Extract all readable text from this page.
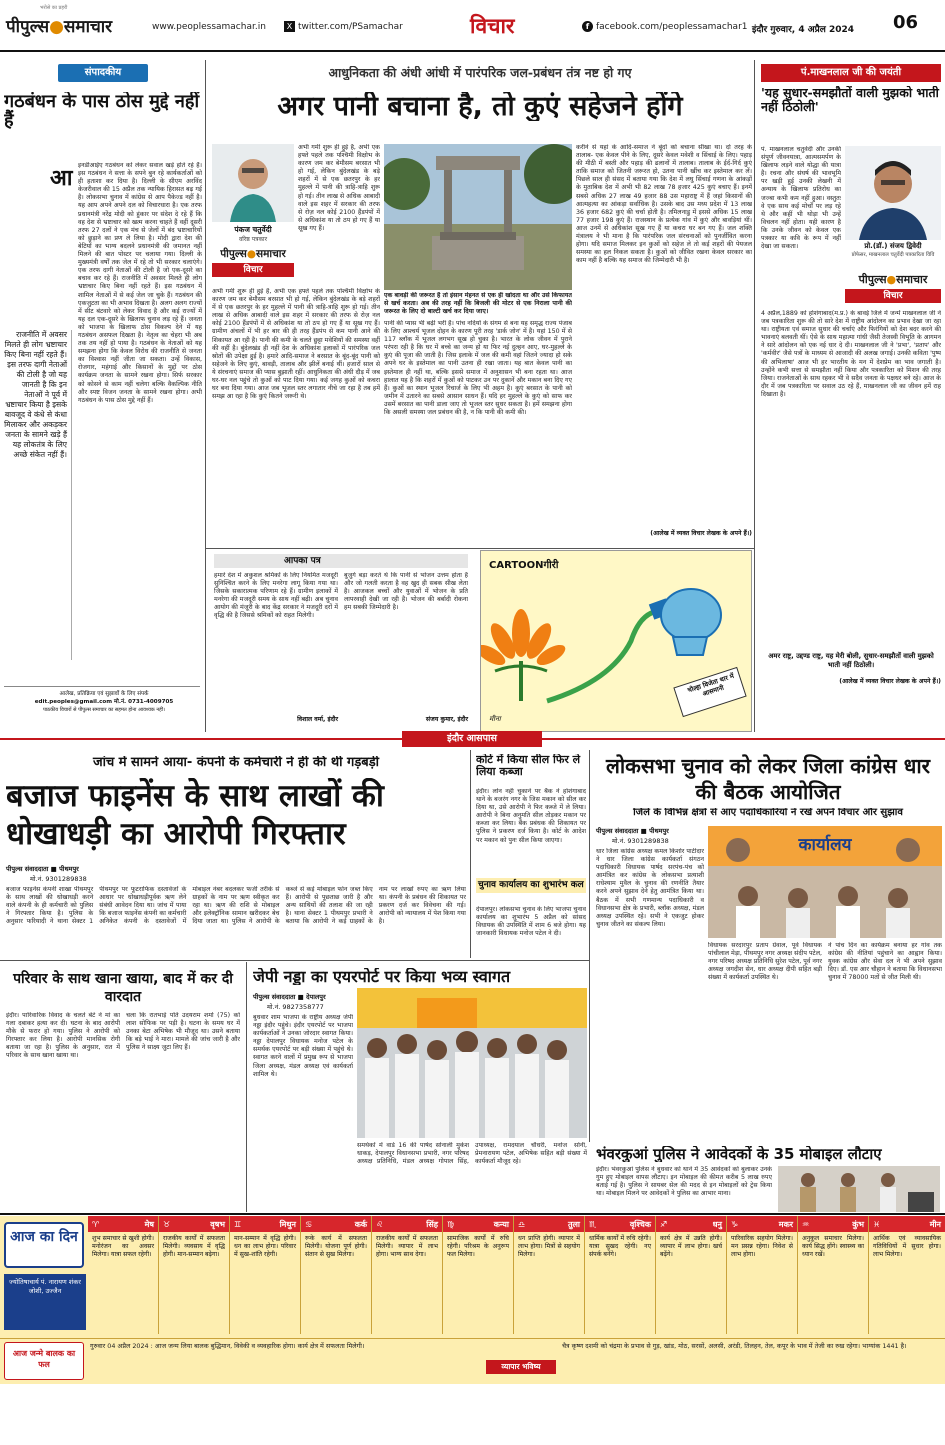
पीपुल्स●समाचार
भरोसे का प्रहरी
www.peoplessamachar.in	X twitter.com/PSamachar	विचार	f facebook.com/peoplessamachar1 इंदौर गुरुवार, 4 अप्रैल 2024 06
संपादकीय
गठबंधन के पास ठोस मुद्दे नहीं हैं
आ
इनडीआईए गठबंधन को लेकर सवाल खड़े होते रहे हैं। इस गठबंधन ने सत्ता के सपने बुन रहे कार्यकर्ताओं को ही हताशा कर दिया है। दिल्ली के सीएम अरविंद केजरीवाल की 15 अप्रैल तक न्यायिक हिरासत बढ़ गई है। लोकसभा चुनाव में कांग्रेस से आप पैकेज्ड नहीं है। यह आप अपने अपने दल को विचारधारा है। एक तरफ प्रधानमंत्री नरेंद्र मोदी को हुंकार पर संदेश दे रहे हैं कि वह देश से भ्रष्टाचार को खत्म करना चाहते हैं वहीं दूसरी तरफ 27 दलों ने एक मंच से जेलों में बंद भ्रष्टाचारियों को छुड़ाने का प्रण ले लिया है। मोदी द्वारा देश की बेटियों का भाग्य बदलने प्रधानमंत्री की जमानत नहीं मिलने की बात पोस्टर पर चलाया गया। दिल्ली के मुख्यमंत्री वर्षों तक जेल में रहे तो भी सरकार चलाएंगे। एक तरफ दागी नेताओं की टोली है जो एक-दूसरे का बचाव कर रहे हैं। राजनीति में अवसर मिलते ही लोग भ्रष्टाचार किए बिना नहीं रहते हैं। इस गठबंधन में शामिल नेताओं में से कई जेल जा चुके हैं। गठबंधन की एकजुटता का भी अभाव दिखता है। अलग अलग राज्यों में सीट बंटवारे को लेकर विवाद है और कई राज्यों में यह दल एक-दूसरे के खिलाफ चुनाव लड़ रहे हैं। जनता को भाजपा के खिलाफ ठोस विकल्प देने में यह गठबंधन असफल दिखता है। नेतृत्व का चेहरा भी अब तक तय नहीं हो पाया है। गठबंधन के नेताओं को यह समझना होगा कि केवल विरोध की राजनीति से जनता का विश्वास नहीं जीता जा सकता। उन्हें विकास, रोजगार, महंगाई और किसानों के मुद्दों पर ठोस कार्यक्रम जनता के सामने रखना होगा। सिर्फ सरकार को कोसने से काम नहीं चलेगा बल्कि वैकल्पिक नीति और स्पष्ट विजन जनता के सामने रखना होगा। अभी गठबंधन के पास ठोस मुद्दे नहीं हैं।
राजनीति में अवसर मिलते ही लोग भ्रष्टाचार किए बिना नहीं रहते हैं। इस तरफ दागी नेताओं की टोली है जो यह जानती है कि इन नेताओं ने पूर्व में भ्रष्टाचार किया है इसके बावजूद वे कंधे से कंधा मिलाकर और अकड़कर जनता के सामने खड़े हैं यह लोकतंत्र के लिए अच्छे संकेत नहीं हैं।
आलेख, प्रतिक्रिया एवं सुझावों के लिए संपर्क
edit.peoples@gmail.com मो.नं. 0731-4009705
पाठकीय विचारों से पीपुल्स समाचार का सहमत होना आवश्यक नहीं।
आधुनिकता की अंधी आंधी में पारंपरिक जल-प्रबंधन तंत्र नष्ट हो गए
अगर पानी बचाना है, तो कुएं सहेजने होंगे
पंकज चतुर्वेदी
वरिष्ठ पत्रकार
पीपुल्स●समाचार
विचार
अभी गर्मी शुरू ही हुई है, अभी एक हफ्ते पहले तक पश्चिमी विक्षोभ के कारण जम कर बेमौसम बरसात भी हो गई, लेकिन बुंदेलखंड के बड़े शहरों में से एक छतरपुर के हर मुहल्ले में पानी की त्राहि-त्राहि शुरू हो गई। तीन लाख से अधिक आबादी वाले इस शहर में सरकार की तरफ से रोज़ नल कोई 2100 हैंडपंपों में से अधिकांश या तो ठप हो गए हैं या सूख गए हैं। ग्रामीण अंचलों में भी हर बार की ही तरह हैंडपंप से कम पानी आने की शिकायत आ रही है। पानी की कमी के चलते छुट्टा मवेशियों की समस्या वहीं की वहीं है। बुंदेलखंड ही नहीं देश के अधिकांश इलाकों में पारंपरिक जल स्रोतों की उपेक्षा हुई है। हमारे आदि-समाज ने बरसात के बूंद-बूंद पानी को सहेजने के लिए कुएं, बावड़ी, तालाब और झीलें बनाई थीं। हजारों साल से ये संरचनाएं समाज की प्यास बुझाती रहीं। आधुनिकता की अंधी दौड़ में जब घर-घर नल पहुंचे तो कुओं को पाट दिया गया। कई जगह कुओं को कचरा घर बना दिया गया। आज जब भूजल स्तर लगातार नीचे जा रहा है तब हमें समझ आ रहा है कि कुएं कितने जरूरी थे।
अभी गर्मी शुरू ही हुई है, अभी एक हफ्ते पहले तक पश्चिमी विक्षोभ के कारण जम कर बेमौसम बरसात भी हो गई, लेकिन बुंदेलखंड के बड़े शहरों में से एक छतरपुर के हर मुहल्ले में पानी की त्राहि-त्राहि शुरू हो गई। तीन लाख से अधिक आबादी वाले इस शहर में सरकार की तरफ से रोज़ नल कोई 2100 हैंडपंपों में से अधिकांश या तो ठप हो गए हैं या सूख गए हैं।
एक बावड़ी की जरूरत है तो इंसान मेहनत से एक ही खोदता था और उसे किफायत से खर्च करता। अब की तरह नहीं कि बिजली की मोटर से एक निराला पानी की जरूरत के लिए दो बाल्टी खर्च कर दिया जाए।
पानी की प्यास भी बढ़ी भरी है। पांच नदियों के संगम से बना यह समृद्ध राज्य पंजाब के लिए आश्चर्य भूजल दोहन के कारण पूरी तरह 'डार्क जोन' में है। यहां 150 में से 117 ब्लॉक में भूजल लगभग सूख हो चुका है। भारत के लोक जीवन में पुराने परंपरा रही है कि घर में बच्चे का जन्म हो या फिर नई दुल्हन आए, घर-मुहल्ले के कुएं की पूजा की जाती है। जिस इलाके में जल की कमी वहां जितने ज्यादा हो सके अपने घर के इस्तेमाल का पानी उतना ही रखा जाता। यह बात केवल पानी का इस्तेमाल ही नहीं था, बल्कि इससे समाज में अनुशासन भी बना रहता था। आज हालात यह है कि शहरों में कुओं को पाटकर उन पर दुकानें और मकान बना दिए गए हैं। कुओं का स्थान भूजल रिचार्ज के लिए भी अहम है। कुएं बरसात के पानी को जमीन में उतारने का सबसे आसान साधन हैं। यदि हर मुहल्ले के कुएं को साफ कर उसमें बरसात का पानी डाला जाए तो भूजल स्तर सुधर सकता है। हमें समझना होगा कि असली समस्या जल प्रबंधन की है, न कि पानी की कमी की।
करीने से यहां के आदि-समाज ने बूंदों को बचाना सीखा था। दो तरह के तालाब- एक केवल पीने के लिए, दूसरे केवल मवेशी व सिंचाई के लिए। पहाड़ की मीठी में बस्ती और पहाड़ की ढलानों में तालाब। तालाब के ईर्द-गिर्द कुएं ताकि समाज को जितनी जरूरत हो, उतना पानी खींच कर इस्तेमाल कर लें। पिछले साल ही संसद में बताया गया कि देश में लघु सिंचाई गणना के आंकड़ों के मुताबिक देश में अभी भी 82 लाख 78 हजार 425 कुएं बचाए हैं। इनमें सबसे अधिक 27 लाख 49 हजार 88 उस महाराष्ट्र में हैं जहां किसानों की आत्महत्या का आंकड़ा सर्वाधिक है। उसके बाद उस मध्य प्रदेश में 13 लाख 36 हजार 682 कुएं की चर्चा होती है। तमिलनाडु में इससे अधिक 15 लाख 77 हजार 198 कुएं हैं। राजस्थान के प्रत्येक गांव में कुएं और बावड़ियां थीं। आज उनमें से अधिकांश सूख गए हैं या कचरा घर बन गए हैं। जल शक्ति मंत्रालय ने भी माना है कि पारंपरिक जल संरचनाओं को पुनर्जीवित करना होगा। यदि समाज मिलकर इन कुओं को सहेज ले तो कई शहरों की पेयजल समस्या का हल निकल सकता है। कुओं को जीवित रखना केवल सरकार का काम नहीं है बल्कि यह समाज की जिम्मेदारी भी है।
(आलेख में व्यक्त विचार लेखक के अपने हैं।)
पं.माखनलाल जी की जयंती
'यह सुधार-समझौतों वाली मुझको भाती नहीं ठिठोली'
पं. माखनलाल चतुर्वेदी और उनकी संपूर्ण जीवनयात्रा, आत्मसमर्पण के खिलाफ लड़ने वाले योद्धा की यात्रा है। रचना और संघर्ष की भावभूमि पर खड़ी हुई उनकी लेखनी में अन्याय के खिलाफ प्रतिरोध का जज्बा कभी कम नहीं हुआ। वस्तुतः वे एक साथ कई मोर्चों पर लड़ रहे थे और कहीं भी थोड़ा भी उन्हें विचलन नहीं होता। यही कारण है कि उनके जीवन को केवल एक पत्रकार या कवि के रूप में नहीं देखा जा सकता।	प्रो.(डॉ.) संजय द्विवेदी
प्रोफेसर, माखनलाल चतुर्वेदी पत्रकारिता विवि
पीपुल्स●समाचार
विचार
4 अप्रैल,1889 को होशंगाबाद(म.प्र.) के बावई जिले में जन्में माखनलाल जी ने जब पत्रकारिता शुरू की तो सारे देश में राष्ट्रीय आंदोलन का प्रभाव देखा जा रहा था। राष्ट्रीयता एवं समाज सुधार की चर्चाएं और फिरंगियों को देश बदर करने की भावनाएं बलवती थीं। ऐसे के साथ महात्मा गांधी जैसी तेजस्वी विभूति के आगमन ने सारे आंदोलन को एक नई धार दे दी। माखनलाल जी ने 'प्रभा', 'प्रताप' और 'कर्मवीर' जैसे पत्रों के माध्यम से आजादी की अलख जगाई। उनकी कविता 'पुष्प की अभिलाषा' आज भी हर भारतीय के मन में देशप्रेम का भाव जगाती है। उन्होंने कभी सत्ता से समझौता नहीं किया और पत्रकारिता को मिशन की तरह जिया। राजनेताओं के साथ रहकर भी वे सदैव जनता के पक्षधर बने रहे। आज के दौर में जब पत्रकारिता पर सवाल उठ रहे हैं, माखनलाल जी का जीवन हमें राह दिखाता है।
अमर राष्ट्र, उद्दण्ड राष्ट्र, यह मेरी बोली, सुधार-समझौतों वाली मुझको भाती नहीं ठिठोली।
(आलेख में व्यक्त विचार लेखक के अपने हैं।)
आपका पत्र
हमारे देश में अकुशल श्रमिकों के लिए नियमित मजदूरी सुनिश्चित करने के लिए मनरेगा लागू किया गया था। जिसके सकारात्मक परिणाम रहे हैं। ग्रामीण इलाकों में मनरेगा की मजदूरी समय के साथ नहीं बढ़ी। अब चुनाव आयोग की मंजूरी के बाद केंद्र सरकार ने मजदूरी दरों में वृद्धि की है जिससे श्रमिकों को राहत मिलेगी।
विशाल वर्मा, इंदौर
बुजुर्ग बड़ा करते थे कि पानी से भोजन उत्तम होता है और जो गलती करता है वह खुद ही सबक सीख लेता है। आजकल बच्चों और युवाओं में भोजन के प्रति लापरवाही देखी जा रही है। भोजन की बर्बादी रोकना हम सबकी जिम्मेदारी है।
संजय कुमार, इंदौर
CARTOONगीरी
चोल्हा विजेता धार में आसमानी
मीना
इंदौर आसपास
जांच में सामने आया- कंपनी के कर्मचारी ने ही की थी गड़बड़ी
बजाज फाइनेंस के साथ लाखों की धोखाधड़ी का आरोपी गिरफ्तार
पीपुल्स संवाददाता ■ पीथमपुर
मो.नं. 9301289838
बजाज फाइनेंस कंपनी शाखा पीथमपुर के साथ लाखों की धोखाधड़ी करने वाले कंपनी के ही कर्मचारी को पुलिस ने गिरफ्तार किया है। पुलिस के अनुसार फरियादी ने थाना सेक्टर 1 पीथमपुर पर फूटराफिक दस्तावेजों के आधार पर धोखाधड़ीपूर्वक ऋण लेने संबंधी आवेदन दिया था। जांच में पाया कि बजाज फाइनेंस कंपनी का कर्मचारी अनिकेत कंपनी के दस्तावेजों में मोबाइल नंबर बदलकर फर्जी तरीके से ग्राहकों के नाम पर ऋण स्वीकृत कर रहा था। ऋण की राशि से मोबाइल और इलेक्ट्रॉनिक सामान खरीदकर बेच दिया जाता था। पुलिस ने आरोपी के कब्जे से कई मोबाइल फोन जब्त किए हैं। आरोपी से पूछताछ जारी है और अन्य साथियों की तलाश की जा रही है। थाना सेक्टर 1 पीथमपुर प्रभारी ने बताया कि आरोपी ने कई ग्राहकों के नाम पर लाखों रुपए का ऋण लिया था। कंपनी के प्रबंधन की शिकायत पर प्रकरण दर्ज कर विवेचना की गई। आरोपी को न्यायालय में पेश किया गया है।
कोर्ट में किया सील फिर ले लिया कब्जा
इंदौर। लोन नहीं चुकाने पर बैंक ने होशंगाबाद थाने के बजरंग नगर के जिस मकान को सील कर दिया था, उसे आरोपी ने फिर कब्जे में ले लिया। आरोपी ने बिना अनुमति सील तोड़कर मकान पर कब्जा कर लिया। बैंक प्रबंधक की शिकायत पर पुलिस ने प्रकरण दर्ज किया है। कोर्ट के आदेश पर मकान को पुनः सील किया जाएगा।
चुनाव कार्यालय का शुभारंभ कल
देपालपुर। लोकसभा चुनाव के लिए भाजपा चुनाव कार्यालय का शुभारंभ 5 अप्रैल को सांसद विधायक की उपस्थिति में शाम 6 बजे होगा। यह जानकारी विधायक मनोज पटेल ने दी।
लोकसभा चुनाव को लेकर जिला कांग्रेस धार की बैठक आयोजित
जिले के विभिन्न क्षेत्रों से आए पदाधिकारियों ने रखे अपने विचार और सुझाव
पीपुल्स संवाददाता ■ पीथमपुर
मो.नं. 9301289838
धार जिला कांग्रेस अध्यक्ष कमल किशोर पाटीदार ने धार जिला कांग्रेस कार्यकर्ता संगठन पदाधिकारी विधायक पार्षद सरपंच-पंच को आमंत्रित कर कांग्रेस के लोकसभा प्रत्याशी राधेश्याम मुवैल के चुनाव की रणनीति तैयार करने अपने सुझाव देने हेतु आमंत्रित किया था। बैठक में सभी गणमान्य पदाधिकारी व विधानसभा क्षेत्र के प्रभारी, ब्लॉक अध्यक्ष, मंडल अध्यक्ष उपस्थित रहे। सभी ने एकजुट होकर चुनाव जीतने का संकल्प लिया।
कार्यालय
विधायक सरदारपुर प्रताप ग्रेवाल, पूर्व विधायक पांचीलाल मेड़ा, पीथमपुर नगर अध्यक्ष संदीप पटेल, नगर परिषद अध्यक्ष प्रतिनिधि सुरेश पटेल, पूर्व नगर अध्यक्ष जगदीश सेन, धार अध्यक्ष दीपी सहित बड़ी संख्या में कार्यकर्ता उपस्थित थे।
ने पांच दिन का कार्यक्रम बनाया हर गांव तक कांग्रेस की नीतियां पहुंचाने का आह्वान किया। युवक कांग्रेस और सेवा दल ने भी अपने सुझाव दिए। डॉ. एस आर चौहान ने बताया कि विधानसभा चुनाव में 78000 मतों से जीत मिली थी।
परिवार के साथ खाना खाया, बाद में कर दी वारदात
इंदौर। पारिवारिक विवाद के चलते बेटे ने मां का गला दबाकर हत्या कर दी। घटना के बाद आरोपी मौके से फरार हो गया। पुलिस ने आरोपी को गिरफ्तार कर लिया है। आरोपी मानसिक रोगी बताया जा रहा है। पुलिस के अनुसार, रात में परिवार के साथ खाना खाया था।
चला कि रातभाई पति उदयराम शर्मा (75) को लाश सोफिक पर पड़ी है। घटना के समय घर में उनका बेटा अभिषेक भी मौजूद था। उसने बताया कि बड़े भाई ने मारा। मामले की जांच जारी है और पुलिस ने साक्ष्य जुटा लिए हैं।
जेपी नड्डा का एयरपोर्ट पर किया भव्य स्वागत
पीपुल्स संवाददाता ■ देपालपुर
मो.नं. 9827358777
बुधवार शाम भाजपा के राष्ट्रीय अध्यक्ष जेपी नड्डा इंदौर पहुंचे। इंदौर एयरपोर्ट पर भाजपा कार्यकर्ताओं ने उनका जोरदार स्वागत किया। नड्डा देपालपुर विधायक मनोज पटेल के समर्थक एयरपोर्ट पर बड़ी संख्या में पहुंचे थे। स्वागत करने वालों में प्रमुख रूप से भाजपा जिला अध्यक्ष, मंडल अध्यक्ष एवं कार्यकर्ता शामिल थे।
समर्थकों में वार्ड 16 की पार्षद सोनाली मुकेश धाकड़, देपालपुर विधानसभा प्रभारी, नगर परिषद अध्यक्ष प्रतिनिधि, मंडल अध्यक्ष गोपाल सिंह, उपाध्यक्ष, रामदयाल चौधरी, मनोज सोनी, प्रेमनारायण पटेल, अभिषेक सहित बड़ी संख्या में कार्यकर्ता मौजूद रहे।	भंवरकुआं पुलिस ने आवेदकों के 35 मोबाइल लौटाए
इंदौर। भंवरकुआं पुलिस ने बुधवार को थाने में 35 आवेदकों को बुलाकर उनके गुम हुए मोबाइल वापस लौटाए। इन मोबाइल की कीमत करीब 5 लाख रुपए बताई गई है। पुलिस ने सायबर सेल की मदद से इन मोबाइलों को ट्रेस किया था। मोबाइल मिलने पर आवेदकों ने पुलिस का आभार माना।
आज का दिन
ज्योतिषाचार्य पं. नारायण शंकर जोशी, उज्जैन
♈	मेष
शुभ समाचार से खुशी होगी। मनोरंजन का अवसर मिलेगा। यात्रा सफल रहेगी।
♉	वृषभ
राजकीय कार्यों में सफलता मिलेगी। व्यवसाय में वृद्धि होगी। मान-सम्मान बढ़ेगा।
♊	मिथुन
मान-सम्मान में वृद्धि होगी। धन का लाभ होगा। परिवार में सुख-शांति रहेगी।
♋	कर्क
रूके कार्य में सफलता मिलेगी। योजना पूर्ण होगी। संतान से सुख मिलेगा।
♌	सिंह
राजकीय कार्यों में सफलता मिलेगी। व्यापार में लाभ होगा। भाग्य साथ देगा।
♍	कन्या
सामाजिक कार्यों में रुचि रहेगी। परिश्रम के अनुरूप फल मिलेगा।
♎	तुला
धन प्राप्ति होगी। व्यापार में लाभ होगा। मित्रों से सहयोग मिलेगा।
♏	वृश्चिक
धार्मिक कार्यों में रुचि रहेगी। यात्रा सुखद रहेगी। नए संपर्क बनेंगे।
♐	धनु
कार्य क्षेत्र में उन्नति होगी। व्यापार में लाभ होगा। खर्च बढ़ेंगे।
♑	मकर
पारिवारिक सहयोग मिलेगा। मन प्रसन्न रहेगा। निवेश से लाभ होगा।
♒	कुंभ
अनुकूल समाचार मिलेगा। कार्य सिद्ध होंगे। स्वास्थ्य का ध्यान रखें।
♓	मीन
आर्थिक एवं व्यावसायिक गतिविधियों में सुधार होगा। लाभ मिलेगा।
आज जन्मे बालक का फल
गुरुवार 04 अप्रैल 2024 : आज जन्म लिया बालक बुद्धिमान, विवेकी व व्यवहारिक होगा। कार्य क्षेत्र में सफलता मिलेगी।
व्यापार भविष्य
चैत्र कृष्ण दशमी को चंद्रमा के प्रभाव से गुड़, खांड, मोठ, सरसों, अलसी, अरंडी, तिलहन, तेल, कपूर के भाव में तेजी का रुख रहेगा। भाग्यांक 1441 है।
